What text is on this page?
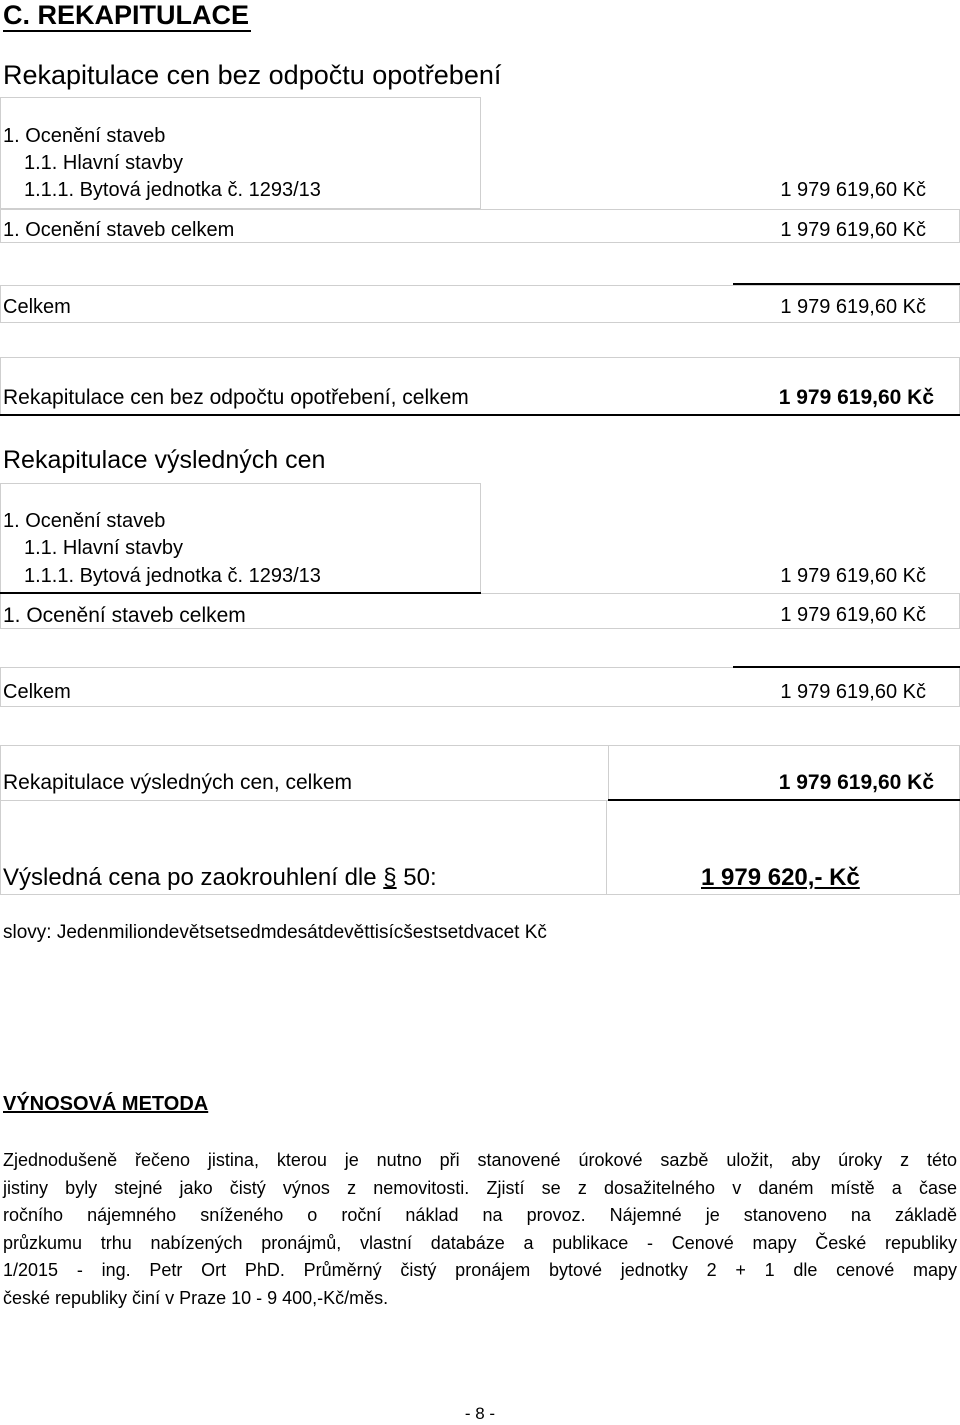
C. REKAPITULACE
Rekapitulace cen bez odpočtu opotřebení
1. Ocenění staveb
1.1. Hlavní stavby
1.1.1. Bytová jednotka č. 1293/13	1 979 619,60 Kč
1. Ocenění staveb celkem	1 979 619,60 Kč
Celkem	1 979 619,60 Kč
Rekapitulace cen bez odpočtu opotřebení, celkem	1 979 619,60 Kč
Rekapitulace výsledných cen
1. Ocenění staveb
1.1. Hlavní stavby
1.1.1. Bytová jednotka č. 1293/13	1 979 619,60 Kč
1. Ocenění staveb celkem	1 979 619,60 Kč
Celkem	1 979 619,60 Kč
Rekapitulace výsledných cen, celkem	1 979 619,60 Kč
Výsledná cena po zaokrouhlení dle § 50:	1 979 620,- Kč
slovy: Jedenmiliondevětsetsedmdesátdevěttisícšestsetdvacet Kč
VÝNOSOVÁ METODA
Zjednodušeně řečeno jistina, kterou je nutno při stanovené úrokové sazbě uložit, aby úroky z této
jistiny byly stejné jako čistý výnos z nemovitosti. Zjistí se z dosažitelného v daném místě a čase
ročního nájemného sníženého o roční náklad na provoz. Nájemné je stanoveno na základě
průzkumu trhu nabízených pronájmů, vlastní databáze a publikace - Cenové mapy České republiky
1/2015 - ing. Petr Ort PhD. Průměrný čistý pronájem bytové jednotky 2 + 1 dle cenové mapy
české republiky činí v Praze 10 - 9 400,-Kč/měs.
- 8 -
